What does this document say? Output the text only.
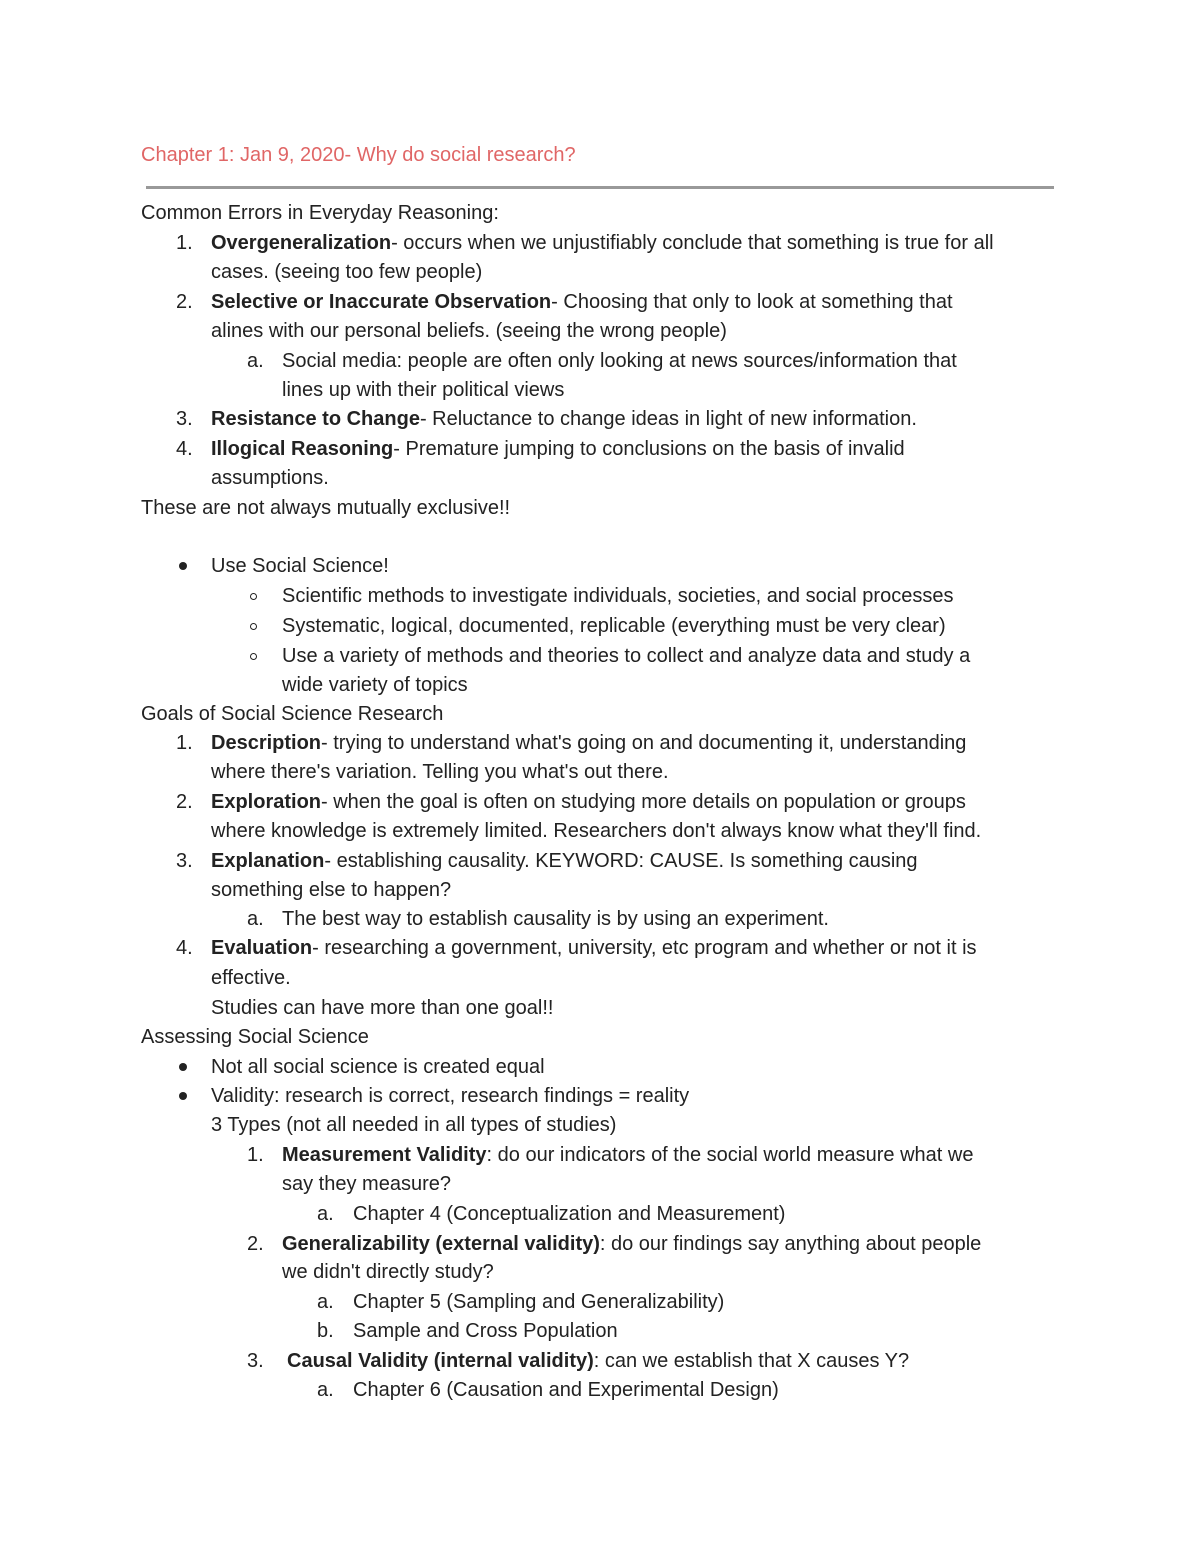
Chapter 1: Jan 9, 2020- Why do social research?
Common Errors in Everyday Reasoning:
1. Overgeneralization- occurs when we unjustifiably conclude that something is true for all
cases. (seeing too few people)
2. Selective or Inaccurate Observation- Choosing that only to look at something that
alines with our personal beliefs. (seeing the wrong people)
a. Social media: people are often only looking at news sources/information that
lines up with their political views
3. Resistance to Change- Reluctance to change ideas in light of new information.
4. Illogical Reasoning- Premature jumping to conclusions on the basis of invalid
assumptions.
These are not always mutually exclusive!!
Use Social Science!
Scientific methods to investigate individuals, societies, and social processes
Systematic, logical, documented, replicable (everything must be very clear)
Use a variety of methods and theories to collect and analyze data and study a
wide variety of topics
Goals of Social Science Research
1. Description- trying to understand what's going on and documenting it, understanding
where there's variation. Telling you what's out there.
2. Exploration- when the goal is often on studying more details on population or groups
where knowledge is extremely limited. Researchers don't always know what they'll find.
3. Explanation- establishing causality. KEYWORD: CAUSE. Is something causing
something else to happen?
a. The best way to establish causality is by using an experiment.
4. Evaluation- researching a government, university, etc program and whether or not it is
effective.
Studies can have more than one goal!!
Assessing Social Science
Not all social science is created equal
Validity: research is correct, research findings = reality
3 Types (not all needed in all types of studies)
1. Measurement Validity: do our indicators of the social world measure what we
say they measure?
a. Chapter 4 (Conceptualization and Measurement)
2. Generalizability (external validity): do our findings say anything about people
we didn't directly study?
a. Chapter 5 (Sampling and Generalizability)
b. Sample and Cross Population
3. Causal Validity (internal validity): can we establish that X causes Y?
a. Chapter 6 (Causation and Experimental Design)
